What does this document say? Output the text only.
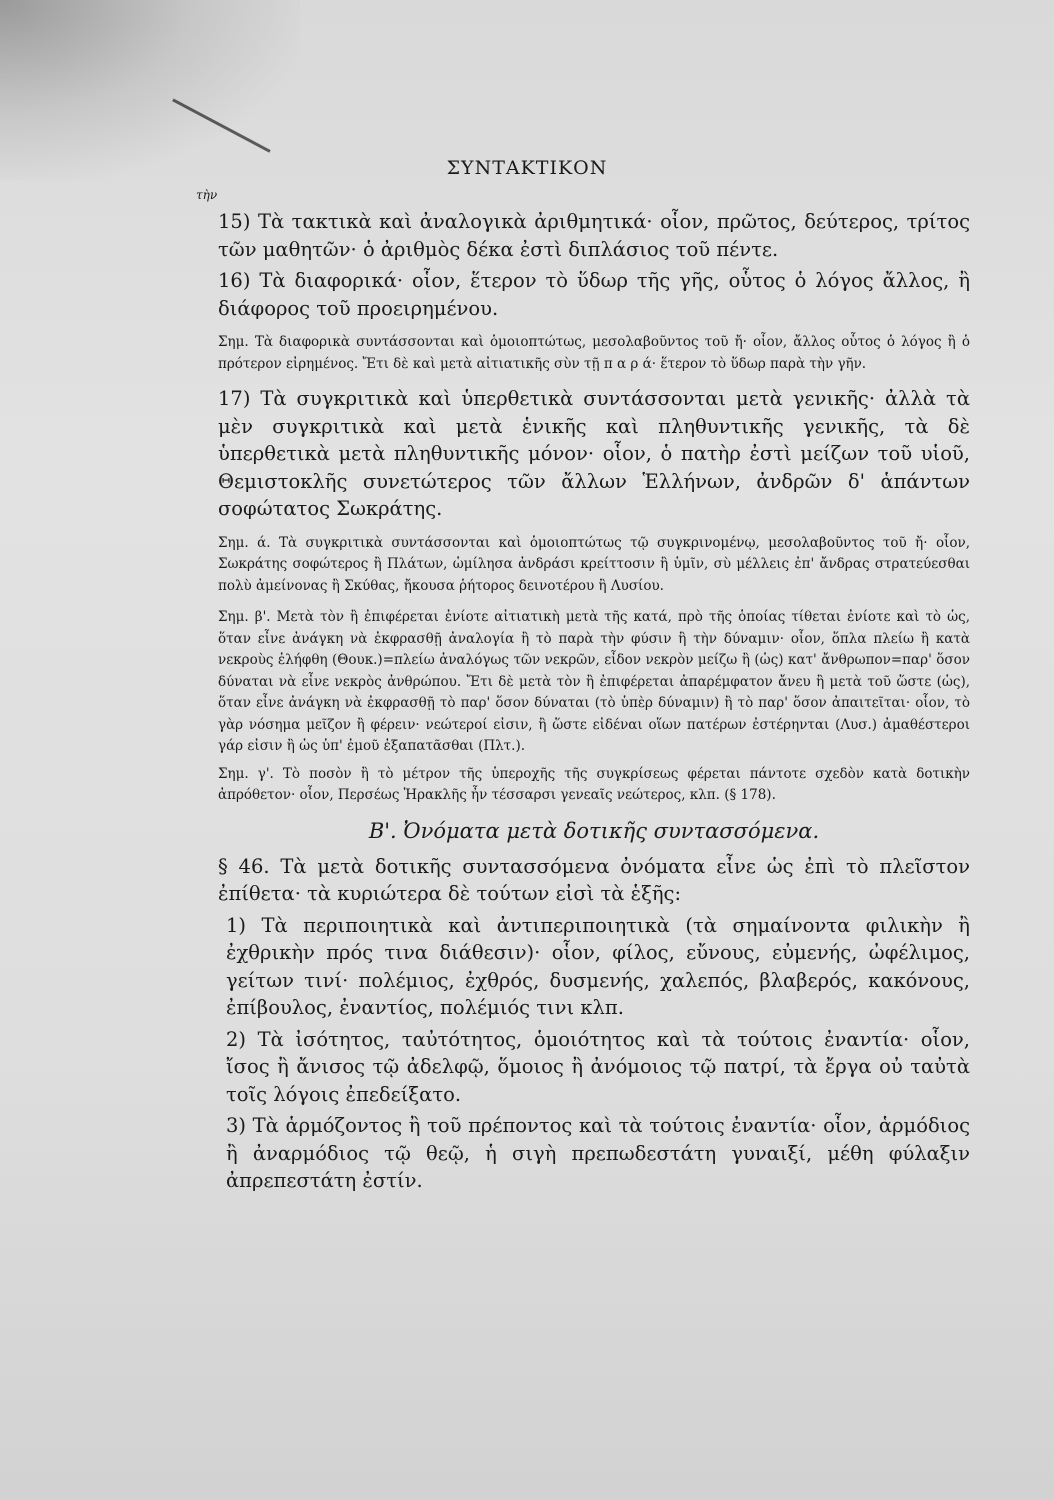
ΣΥΝΤΑΚΤΙΚΟΝ
τὴν

15) Τὰ τακτικὰ καὶ ἀναλογικὰ ἀριθμητικά· οἷον, πρῶτος, δεύτερος, τρίτος τῶν μαθητῶν· ὁ ἀριθμὸς δέκα ἐστὶ διπλάσιος τοῦ πέντε.

16) Τὰ διαφορικά· οἷον, ἕτερον τὸ ὕδωρ τῆς γῆς, οὗτος ὁ λόγος ἄλλος, ἢ διάφορος τοῦ προειρημένου.

Σημ. Τὰ διαφορικὰ συντάσσονται καὶ ὁμοιοπτώτως, μεσολαβοῦντος τοῦ ἤ· οἷον, ἄλλος οὗτος ὁ λόγος ἢ ὁ πρότερον εἰρημένος. Ἔτι δὲ καὶ μετὰ αἰτιατικῆς σὺν τῇ π α ρ ά· ἕτερον τὸ ὕδωρ παρὰ τὴν γῆν.

17) Τὰ συγκριτικὰ καὶ ὑπερθετικὰ συντάσσονται μετὰ γενικῆς· ἀλλὰ τὰ μὲν συγκριτικὰ καὶ μετὰ ἑνικῆς καὶ πληθυντικῆς γενικῆς, τὰ δὲ ὑπερθετικὰ μετὰ πληθυντικῆς μόνον· οἷον, ὁ πατὴρ ἐστὶ μείζων τοῦ υἱοῦ, Θεμιστοκλῆς συνετώτερος τῶν ἄλλων Ἑλλήνων, ἀνδρῶν δ' ἁπάντων σοφώτατος Σωκράτης.

Σημ. ά. Τὰ συγκριτικὰ συντάσσονται καὶ ὁμοιοπτώτως τῷ συγκρινομένῳ, μεσολαβοῦντος τοῦ ἤ· οἷον, Σωκράτης σοφώτερος ἢ Πλάτων, ὡμίλησα ἀνδράσι κρείττοσιν ἢ ὑμῖν, σὺ μέλλεις ἐπ' ἄνδρας στρατεύεσθαι πολὺ ἀμείνονας ἢ Σκύθας, ἤκουσα ῥήτορος δεινοτέρου ἢ Λυσίου.

Σημ. β'. Μετὰ τὸν ἢ ἐπιφέρεται ἐνίοτε αἰτιατικὴ μετὰ τῆς κατά, πρὸ τῆς ὁποίας τίθεται ἐνίοτε καὶ τὸ ὡς, ὅταν εἶνε ἀνάγκη νὰ ἐκφρασθῇ ἀναλογία ἢ τὸ παρὰ τὴν φύσιν ἢ τὴν δύναμιν· οἷον, ὅπλα πλείω ἢ κατὰ νεκροὺς ἐλήφθη (Θουκ.)=πλείω ἀναλόγως τῶν νεκρῶν, εἶδον νεκρὸν μείζω ἢ (ὡς) κατ' ἄνθρωπον=παρ' ὅσον δύναται νὰ εἶνε νεκρὸς ἀνθρώπου. Ἔτι δὲ μετὰ τὸν ἢ ἐπιφέρεται ἀπαρέμφατον ἄνευ ἢ μετὰ τοῦ ὥστε (ὡς), ὅταν εἶνε ἀνάγκη νὰ ἐκφρασθῇ τὸ παρ' ὅσον δύναται (τὸ ὑπὲρ δύναμιν) ἢ τὸ παρ' ὅσον ἀπαιτεῖται· οἷον, τὸ γὰρ νόσημα μεῖζον ἢ φέρειν· νεώτεροί εἰσιν, ἢ ὥστε εἰδέναι οἵων πατέρων ἐστέρηνται (Λυσ.) ἀμαθέστεροι γάρ εἰσιν ἢ ὡς ὑπ' ἐμοῦ ἐξαπατᾶσθαι (Πλτ.).

Σημ. γ'. Τὸ ποσὸν ἢ τὸ μέτρον τῆς ὑπεροχῆς τῆς συγκρίσεως φέρεται πάντοτε σχεδὸν κατὰ δοτικὴν ἀπρόθετον· οἷον, Περσέως Ἡρακλῆς ἦν τέσσαρσι γενεαῖς νεώτερος, κλπ. (§ 178).

Β'. Ὀνόματα μετὰ δοτικῆς συντασσόμενα.

§ 46. Τὰ μετὰ δοτικῆς συντασσόμενα ὀνόματα εἶνε ὡς ἐπὶ τὸ πλεῖστον ἐπίθετα· τὰ κυριώτερα δὲ τούτων εἰσὶ τὰ ἑξῆς:

1) Τὰ περιποιητικὰ καὶ ἀντιπεριποιητικὰ (τὰ σημαίνοντα φιλικὴν ἢ ἐχθρικὴν πρός τινα διάθεσιν)· οἷον, φίλος, εὔνους, εὐμενής, ὠφέλιμος, γείτων τινί· πολέμιος, ἐχθρός, δυσμενής, χαλεπός, βλαβερός, κακόνους, ἐπίβουλος, ἐναντίος, πολέμιός τινι κλπ.

2) Τὰ ἰσότητος, ταὐτότητος, ὁμοιότητος καὶ τὰ τούτοις ἐναντία· οἷον, ἴσος ἢ ἄνισος τῷ ἀδελφῷ, ὅμοιος ἢ ἀνόμοιος τῷ πατρί, τὰ ἔργα οὐ ταὐτὰ τοῖς λόγοις ἐπεδείξατο.

3) Τὰ ἁρμόζοντος ἢ τοῦ πρέποντος καὶ τὰ τούτοις ἐναντία· οἷον, ἁρμόδιος ἢ ἀναρμόδιος τῷ θεῷ, ἡ σιγὴ πρεπωδεστάτη γυναιξί, μέθη φύλαξιν ἀπρεπεστάτη ἐστίν.
